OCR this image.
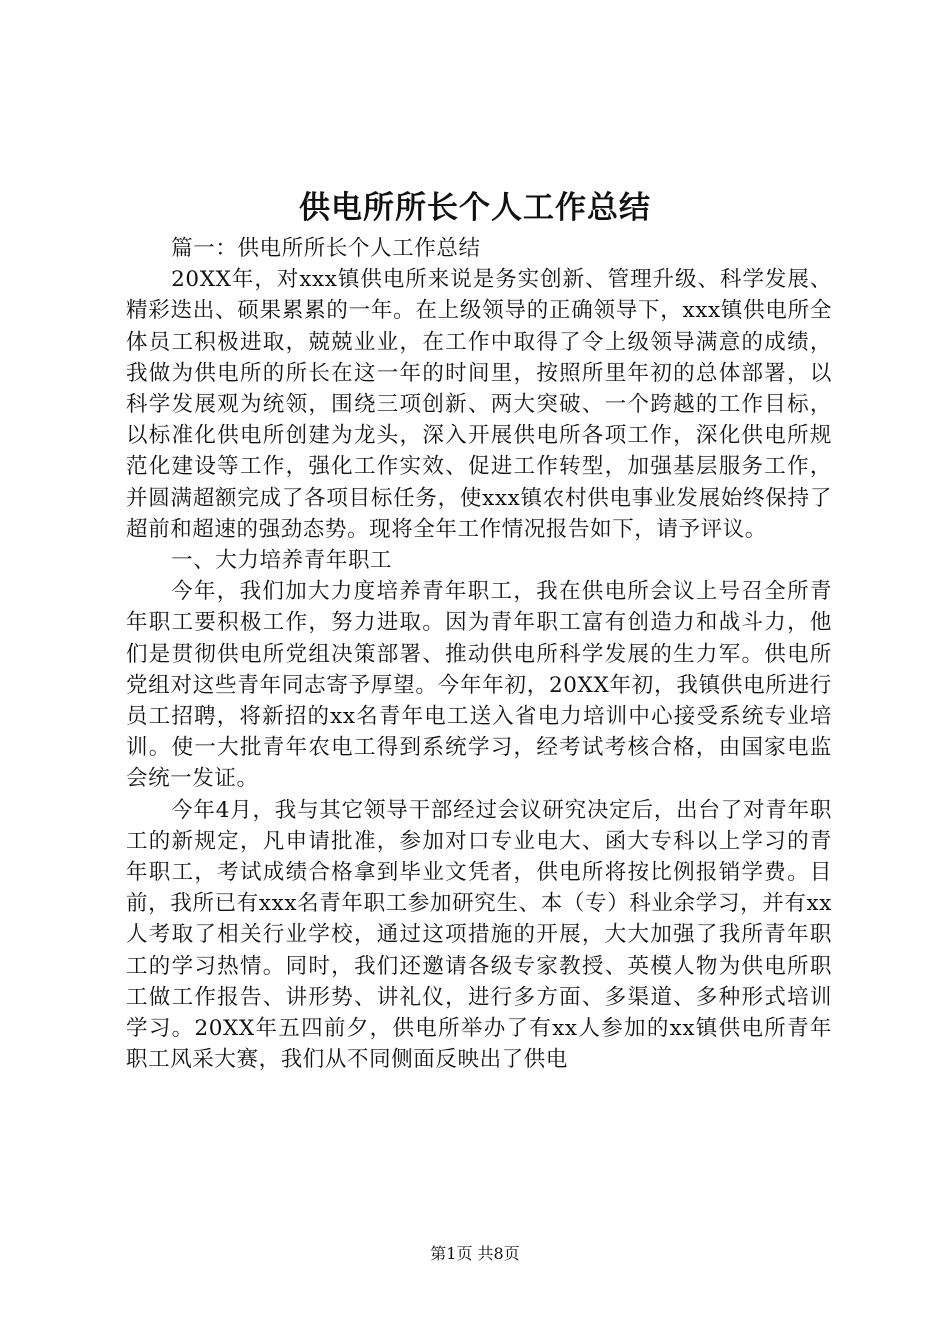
供电所所长个人工作总结

篇一：供电所所长个人工作总结

20XX年，对xxx镇供电所来说是务实创新、管理升级、科学发展、精彩迭出、硕果累累的一年。在上级领导的正确领导下，xxx镇供电所全体员工积极进取，兢兢业业，在工作中取得了令上级领导满意的成绩，我做为供电所的所长在这一年的时间里，按照所里年初的总体部署，以科学发展观为统领，围绕三项创新、两大突破、一个跨越的工作目标，以标准化供电所创建为龙头，深入开展供电所各项工作，深化供电所规范化建设等工作，强化工作实效、促进工作转型，加强基层服务工作，并圆满超额完成了各项目标任务，使xxx镇农村供电事业发展始终保持了超前和超速的强劲态势。现将全年工作情况报告如下，请予评议。

一、大力培养青年职工

今年，我们加大力度培养青年职工，我在供电所会议上号召全所青年职工要积极工作，努力进取。因为青年职工富有创造力和战斗力，他们是贯彻供电所党组决策部署、推动供电所科学发展的生力军。供电所党组对这些青年同志寄予厚望。今年年初，20XX年初，我镇供电所进行员工招聘，将新招的xx名青年电工送入省电力培训中心接受系统专业培训。使一大批青年农电工得到系统学习，经考试考核合格，由国家电监会统一发证。

今年4月，我与其它领导干部经过会议研究决定后，出台了对青年职工的新规定，凡申请批准，参加对口专业电大、函大专科以上学习的青年职工，考试成绩合格拿到毕业文凭者，供电所将按比例报销学费。目前，我所已有xxx名青年职工参加研究生、本（专）科业余学习，并有xx人考取了相关行业学校，通过这项措施的开展，大大加强了我所青年职工的学习热情。同时，我们还邀请各级专家教授、英模人物为供电所职工做工作报告、讲形势、讲礼仪，进行多方面、多渠道、多种形式培训学习。20XX年五四前夕，供电所举办了有xx人参加的xx镇供电所青年职工风采大赛，我们从不同侧面反映出了供电

第1页 共8页
